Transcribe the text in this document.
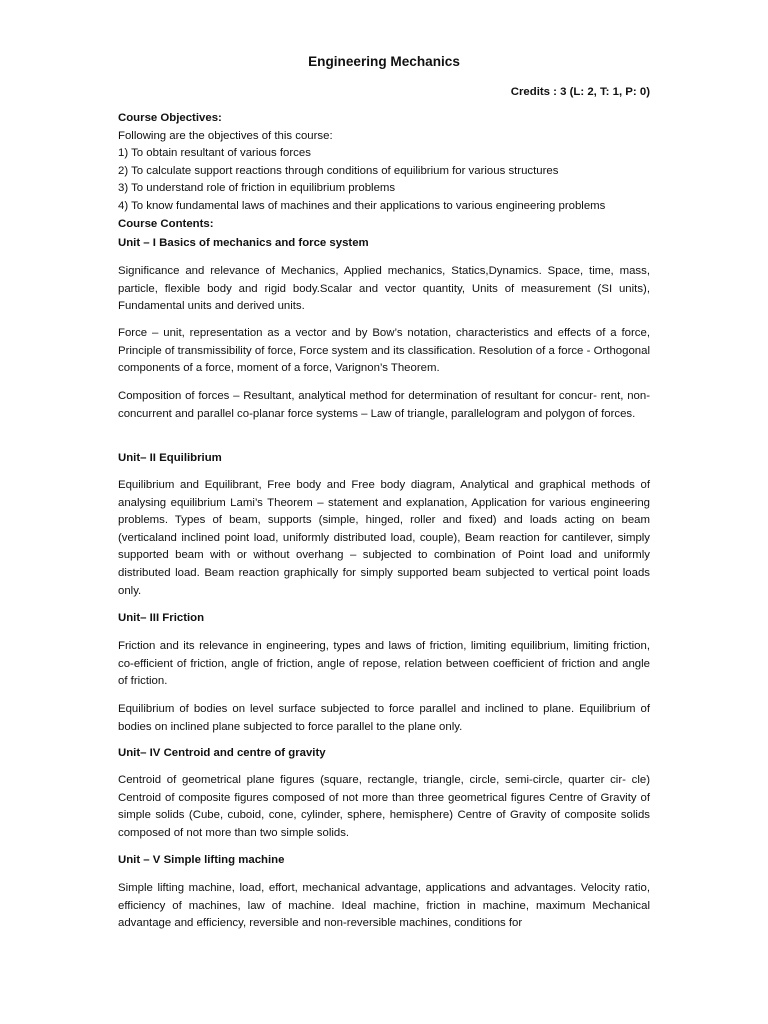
Engineering Mechanics
Credits : 3 (L: 2, T: 1, P: 0)
Course Objectives:
Following are the objectives of this course:
1) To obtain resultant of various forces
2) To calculate support reactions through conditions of equilibrium for various structures
3) To understand role of friction in equilibrium problems
4) To know fundamental laws of machines and their applications to various engineering problems
Course Contents:
Unit – I Basics of mechanics and force system

Significance and relevance of Mechanics, Applied mechanics, Statics,Dynamics. Space, time, mass, particle, flexible body and rigid body.Scalar and vector quantity, Units of measurement (SI units), Fundamental units and derived units.

Force – unit, representation as a vector and by Bow’s notation, characteristics and effects of a force, Principle of transmissibility of force, Force system and its classification. Resolution of a force - Orthogonal components of a force, moment of a force, Varignon’s Theorem.

Composition of forces – Resultant, analytical method for determination of resultant for concur- rent, non-concurrent and parallel co-planar force systems – Law of triangle, parallelogram and polygon of forces.

Unit– II Equilibrium

Equilibrium and Equilibrant, Free body and Free body diagram, Analytical and graphical methods of analysing equilibrium Lami’s Theorem – statement and explanation, Application for various engineering problems. Types of beam, supports (simple, hinged, roller and fixed) and loads acting on beam (verticaland inclined point load, uniformly distributed load, couple), Beam reaction for cantilever, simply supported beam with or without overhang – subjected to combination of Point load and uniformly distributed load. Beam reaction graphically for simply supported beam subjected to vertical point loads only.

Unit– III Friction

Friction and its relevance in engineering, types and laws of friction, limiting equilibrium, limiting friction, co-efficient of friction, angle of friction, angle of repose, relation between coefficient of friction and angle of friction.

Equilibrium of bodies on level surface subjected to force parallel and inclined to plane. Equilibrium of bodies on inclined plane subjected to force parallel to the plane only.

Unit– IV Centroid and centre of gravity

Centroid of geometrical plane figures (square, rectangle, triangle, circle, semi-circle, quarter cir- cle) Centroid of composite figures composed of not more than three geometrical figures Centre of Gravity of simple solids (Cube, cuboid, cone, cylinder, sphere, hemisphere) Centre of Gravity of composite solids composed of not more than two simple solids.

Unit – V Simple lifting machine

Simple lifting machine, load, effort, mechanical advantage, applications and advantages. Velocity ratio, efficiency of machines, law of machine. Ideal machine, friction in machine, maximum Mechanical advantage and efficiency, reversible and non-reversible machines, conditions for
